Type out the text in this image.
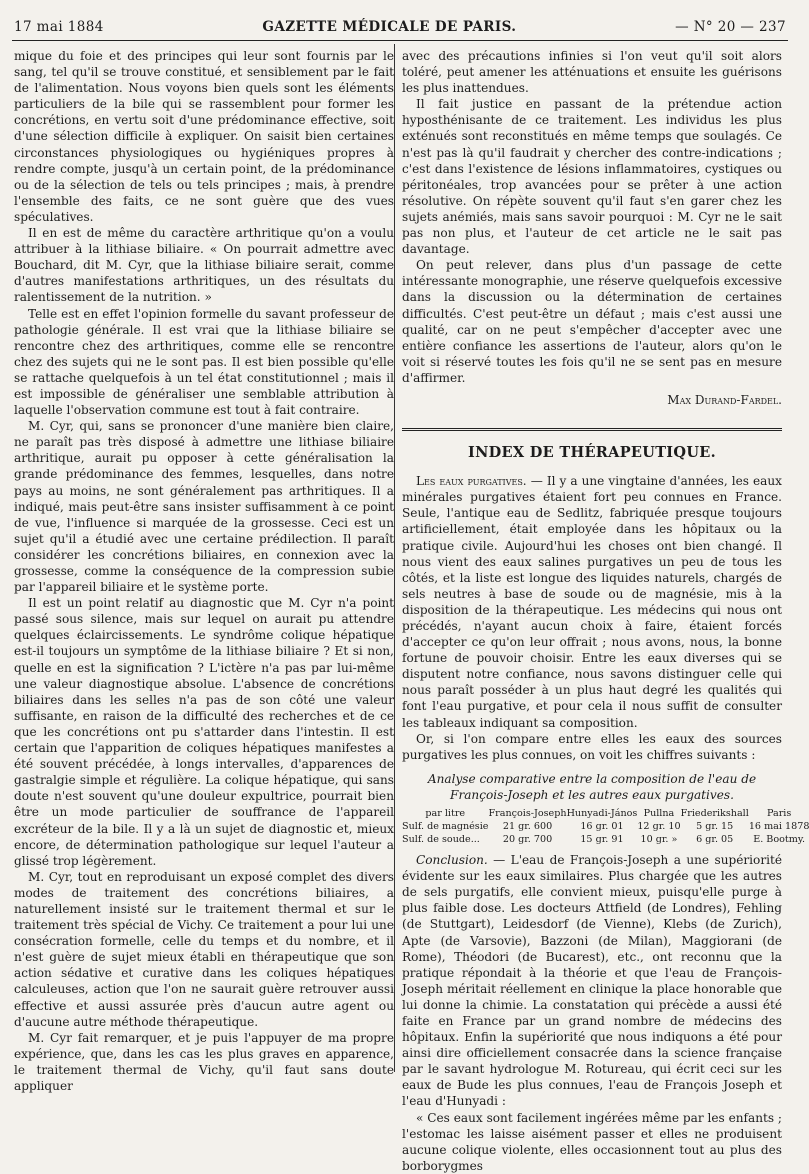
17 mai 1884	GAZETTE MÉDICALE DE PARIS.	— N° 20 — 237

mique du foie et des principes qui leur sont fournis par le sang, tel qu'il se trouve constitué, et sensiblement par le fait de l'alimentation. Nous voyons bien quels sont les éléments particuliers de la bile qui se rassemblent pour former les concrétions, en vertu soit d'une prédominance effective, soit d'une sélection difficile à expliquer. On saisit bien certaines circonstances physiologiques ou hygiéniques propres à rendre compte, jusqu'à un certain point, de la prédominance ou de la sélection de tels ou tels principes ; mais, à prendre l'ensemble des faits, ce ne sont guère que des vues spéculatives.

Il en est de même du caractère arthritique qu'on a voulu attribuer à la lithiase biliaire. « On pourrait admettre avec Bouchard, dit M. Cyr, que la lithiase biliaire serait, comme d'autres manifestations arthritiques, un des résultats du ralentissement de la nutrition. »

Telle est en effet l'opinion formelle du savant professeur de pathologie générale. Il est vrai que la lithiase biliaire se rencontre chez des arthritiques, comme elle se rencontre chez des sujets qui ne le sont pas. Il est bien possible qu'elle se rattache quelquefois à un tel état constitutionnel ; mais il est impossible de généraliser une semblable attribution à laquelle l'observation commune est tout à fait contraire.

M. Cyr, qui, sans se prononcer d'une manière bien claire, ne paraît pas très disposé à admettre une lithiase biliaire arthritique, aurait pu opposer à cette généralisation la grande prédominance des femmes, lesquelles, dans notre pays au moins, ne sont généralement pas arthritiques. Il a indiqué, mais peut-être sans insister suffisamment à ce point de vue, l'influence si marquée de la grossesse. Ceci est un sujet qu'il a étudié avec une certaine prédilection. Il paraît considérer les concrétions biliaires, en connexion avec la grossesse, comme la conséquence de la compression subie par l'appareil biliaire et le système porte.

Il est un point relatif au diagnostic que M. Cyr n'a point passé sous silence, mais sur lequel on aurait pu attendre quelques éclaircissements. Le syndrôme colique hépatique est-il toujours un symptôme de la lithiase biliaire ? Et si non, quelle en est la signification ? L'ictère n'a pas par lui-même une valeur diagnostique absolue. L'absence de concrétions biliaires dans les selles n'a pas de son côté une valeur suffisante, en raison de la difficulté des recherches et de ce que les concrétions ont pu s'attarder dans l'intestin. Il est certain que l'apparition de coliques hépatiques manifestes a été souvent précédée, à longs intervalles, d'apparences de gastralgie simple et régulière. La colique hépatique, qui sans doute n'est souvent qu'une douleur expultrice, pourrait bien être un mode particulier de souffrance de l'appareil excréteur de la bile. Il y a là un sujet de diagnostic et, mieux encore, de détermination pathologique sur lequel l'auteur a glissé trop légèrement.

M. Cyr, tout en reproduisant un exposé complet des divers modes de traitement des concrétions biliaires, a naturellement insisté sur le traitement thermal et sur le traitement très spécial de Vichy. Ce traitement a pour lui une consécration formelle, celle du temps et du nombre, et il n'est guère de sujet mieux établi en thérapeutique que son action sédative et curative dans les coliques hépatiques calculeuses, action que l'on ne saurait guère retrouver aussi effective et aussi assurée près d'aucun autre agent ou d'aucune autre méthode thérapeutique.

M. Cyr fait remarquer, et je puis l'appuyer de ma propre expérience, que, dans les cas les plus graves en apparence, le traitement thermal de Vichy, qu'il faut sans doute appliquer

avec des précautions infinies si l'on veut qu'il soit alors toléré, peut amener les atténuations et ensuite les guérisons les plus inattendues.

Il fait justice en passant de la prétendue action hyposthénisante de ce traitement. Les individus les plus exténués sont reconstitués en même temps que soulagés. Ce n'est pas là qu'il faudrait y chercher des contre-indications ; c'est dans l'existence de lésions inflammatoires, cystiques ou péritonéales, trop avancées pour se prêter à une action résolutive. On répète souvent qu'il faut s'en garer chez les sujets anémiés, mais sans savoir pourquoi : M. Cyr ne le sait pas non plus, et l'auteur de cet article ne le sait pas davantage.

On peut relever, dans plus d'un passage de cette intéressante monographie, une réserve quelquefois excessive dans la discussion ou la détermination de certaines difficultés. C'est peut-être un défaut ; mais c'est aussi une qualité, car on ne peut s'empêcher d'accepter avec une entière confiance les assertions de l'auteur, alors qu'on le voit si réservé toutes les fois qu'il ne se sent pas en mesure d'affirmer.

Max Durand-Fardel.
INDEX DE THÉRAPEUTIQUE.

Les eaux purgatives. — Il y a une vingtaine d'années, les eaux minérales purgatives étaient fort peu connues en France. Seule, l'antique eau de Sedlitz, fabriquée presque toujours artificiellement, était employée dans les hôpitaux ou la pratique civile. Aujourd'hui les choses ont bien changé. Il nous vient des eaux salines purgatives un peu de tous les côtés, et la liste est longue des liquides naturels, chargés de sels neutres à base de soude ou de magnésie, mis à la disposition de la thérapeutique. Les médecins qui nous ont précédés, n'ayant aucun choix à faire, étaient forcés d'accepter ce qu'on leur offrait ; nous avons, nous, la bonne fortune de pouvoir choisir. Entre les eaux diverses qui se disputent notre confiance, nous savons distinguer celle qui nous paraît posséder à un plus haut degré les qualités qui font l'eau purgative, et pour cela il nous suffit de consulter les tableaux indiquant sa composition.

Or, si l'on compare entre elles les eaux des sources purgatives les plus connues, on voit les chiffres suivants :

Analyse comparative entre la composition de l'eau de François-Joseph et les autres eaux purgatives.
par litre	François-Joseph	Hunyadi-János	Pullna	Friederikshall	Paris
Sulf. de magnésie	21 gr. 600	16 gr. 01	12 gr. 10	5 gr. 15	16 mai 1878
Sulf. de soude...	20 gr. 700	15 gr. 91	10 gr. »	6 gr. 05	E. Bootmy.

Conclusion. — L'eau de François-Joseph a une supériorité évidente sur les eaux similaires. Plus chargée que les autres de sels purgatifs, elle convient mieux, puisqu'elle purge à plus faible dose. Les docteurs Attfield (de Londres), Fehling (de Stuttgart), Leidesdorf (de Vienne), Klebs (de Zurich), Apte (de Varsovie), Bazzoni (de Milan), Maggiorani (de Rome), Théodori (de Bucarest), etc., ont reconnu que la pratique répondait à la théorie et que l'eau de François-Joseph méritait réellement en clinique la place honorable que lui donne la chimie. La constatation qui précède a aussi été faite en France par un grand nombre de médecins des hôpitaux. Enfin la supériorité que nous indiquons a été pour ainsi dire officiellement consacrée dans la science française par le savant hydrologue M. Rotureau, qui écrit ceci sur les eaux de Bude les plus connues, l'eau de François Joseph et l'eau d'Hunyadi :

« Ces eaux sont facilement ingérées même par les enfants ; l'estomac les laisse aisément passer et elles ne produisent aucune colique violente, elles occasionnent tout au plus des borborygmes
